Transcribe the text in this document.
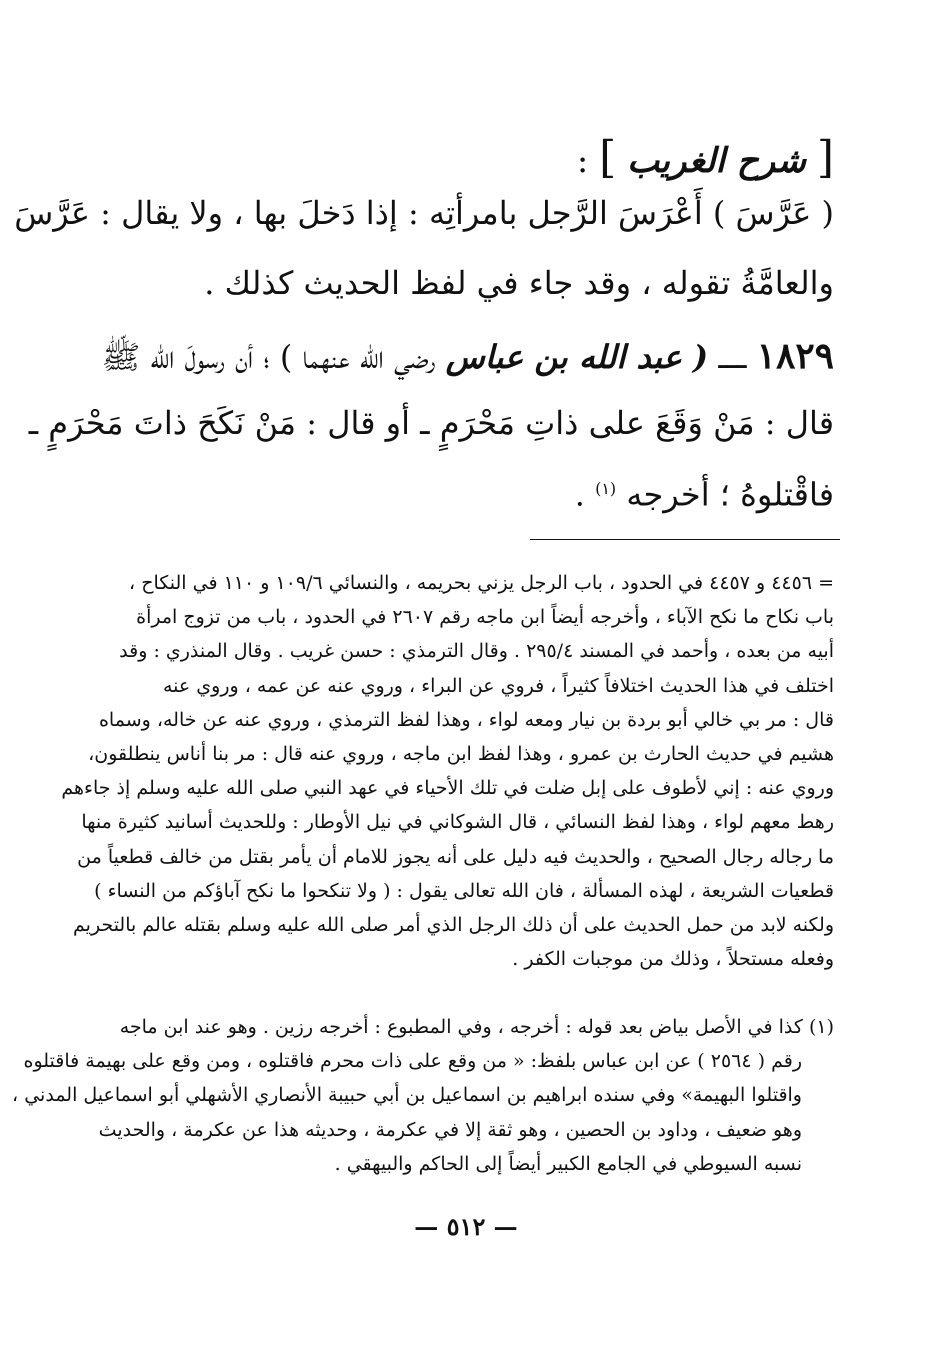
[ شرح الغريب ] :
( عَرَّسَ ) أَعْرَسَ الرَّجل بامرأتِه : إذا دَخلَ بها ، ولا يقال : عَرَّسَ
والعامَّةُ تقوله ، وقد جاء في لفظ الحديث كذلك .
١٨٢٩ ـــ ( عبد الله بن عباس رضي الله عنهما ) ؛ أن رسولَ الله ﷺ
قال : مَنْ وَقَعَ على ذاتِ مَحْرَمٍ ـ أو قال : مَنْ نَكَحَ ذاتَ مَحْرَمٍ ـ
فاقْتلوهُ ؛ أخرجه $^{(١)}$ .
= ٤٤٥٦ و ٤٤٥٧ في الحدود ، باب الرجل يزني بحريمه ، والنسائي ١٠٩/٦ و ١١٠ في النكاح ،
باب نكاح ما نكح الآباء ، وأخرجه أيضاً ابن ماجه رقم ٢٦٠٧ في الحدود ، باب من تزوج امرأة
أبيه من بعده ، وأحمد في المسند ٢٩٥/٤ . وقال الترمذي : حسن غريب . وقال المنذري : وقد
اختلف في هذا الحديث اختلافاً كثيراً ، فروي عن البراء ، وروي عنه عن عمه ، وروي عنه
قال : مر بي خالي أبو بردة بن نيار ومعه لواء ، وهذا لفظ الترمذي ، وروي عنه عن خاله، وسماه
هشيم في حديث الحارث بن عمرو ، وهذا لفظ ابن ماجه ، وروي عنه قال : مر بنا أناس ينطلقون،
وروي عنه : إني لأطوف على إبل ضلت في تلك الأحياء في عهد النبي صلى الله عليه وسلم إذ جاءهم
رهط معهم لواء ، وهذا لفظ النسائي ، قال الشوكاني في نيل الأوطار : وللحديث أسانيد كثيرة منها
ما رجاله رجال الصحيح ، والحديث فيه دليل على أنه يجوز للامام أن يأمر بقتل من خالف قطعياً من
قطعيات الشريعة ، لهذه المسألة ، فان الله تعالى يقول : ( ولا تنكحوا ما نكح آباؤكم من النساء )
ولكنه لابد من حمل الحديث على أن ذلك الرجل الذي أمر صلى الله عليه وسلم بقتله عالم بالتحريم
وفعله مستحلاً ، وذلك من موجبات الكفر .
(١) كذا في الأصل بياض بعد قوله : أخرجه ، وفي المطبوع : أخرجه رزين . وهو عند ابن ماجه
رقم ( ٢٥٦٤ ) عن ابن عباس بلفظ: « من وقع على ذات محرم فاقتلوه ، ومن وقع على بهيمة فاقتلوه
واقتلوا البهيمة» وفي سنده ابراهيم بن اسماعيل بن أبي حبيبة الأنصاري الأشهلي أبو اسماعيل المدني ،
وهو ضعيف ، وداود بن الحصين ، وهو ثقة إلا في عكرمة ، وحديثه هذا عن عكرمة ، والحديث
نسبه السيوطي في الجامع الكبير أيضاً إلى الحاكم والبيهقي .
— ٥١٢ —
